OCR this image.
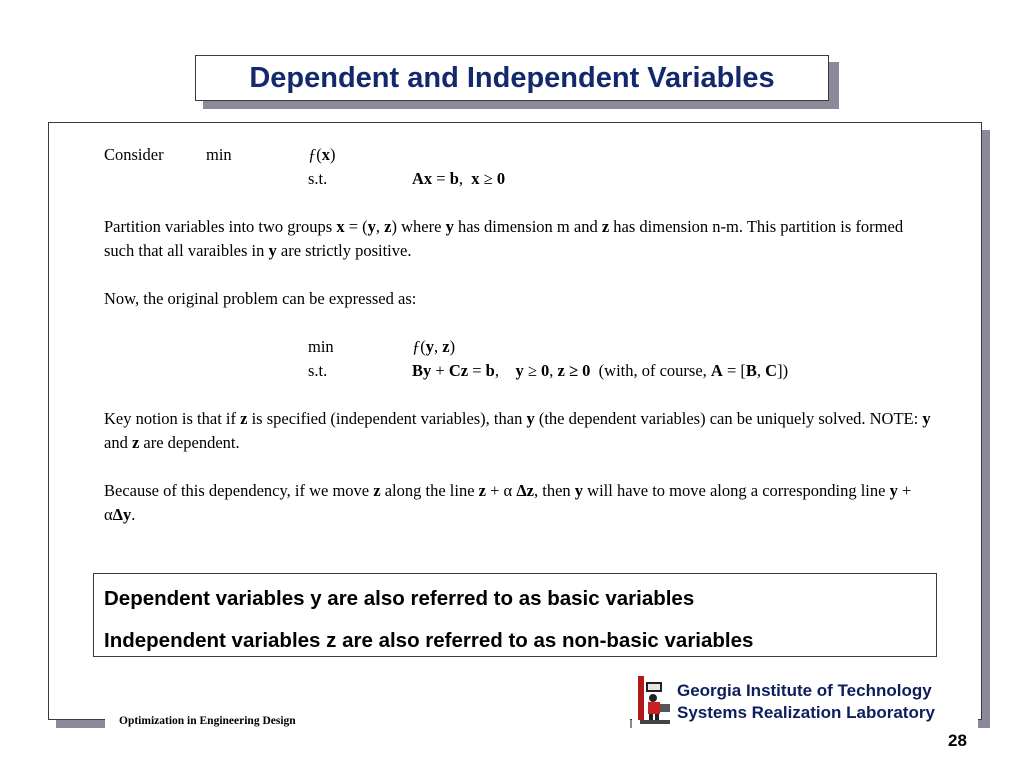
Dependent and Independent Variables
Consider	min	ƒ(x)
s.t.	Ax = b,  x ≥ 0
Partition variables into two groups x = (y, z) where y has dimension m and z has dimension n-m. This partition is formed such that all varaibles in y are strictly positive.
Now, the original problem can be expressed as:
min	ƒ(y, z)
s.t.	By + Cz = b,    y ≥ 0, z ≥ 0  (with, of course, A = [B, C])
Key notion is that if z is specified (independent variables), than y (the dependent variables) can be uniquely solved. NOTE: y and z are dependent.
Because of this dependency, if we move z along the line z + α Δz, then y will have to move along a corresponding line y + αΔy.
Dependent variables y are also referred to as basic variables
Independent variables z are also referred to as non-basic variables
Optimization in Engineering Design
Georgia Institute of Technology
Systems Realization Laboratory
28
